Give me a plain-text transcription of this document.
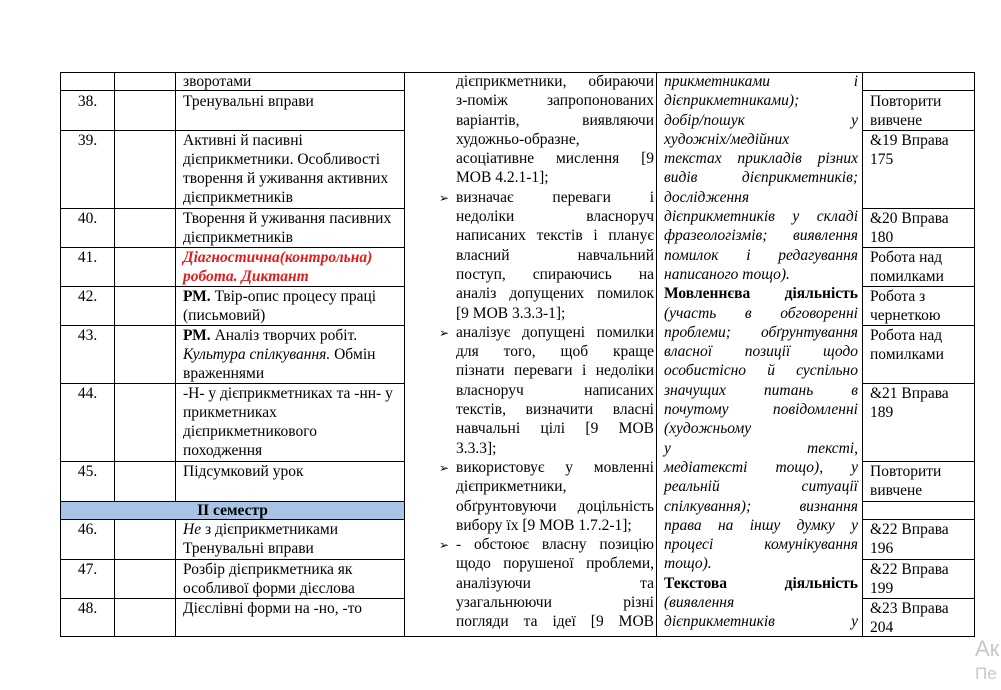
ІІ семестр
38.
39.
40.
41.
42.
43.
44.
45.
46.
47.
48.
зворотами
Тренувальні вправи
Активні й пасивні дієприкметники. Особливості творення й уживання активних дієприкметників
Творення й уживання пасивних дієприкметників
Діагностична(контрольна) робота. Диктант
РМ. Твір-опис процесу праці (письмовий)
РМ. Аналіз творчих робіт. Культура спілкування. Обмін враженнями
-Н- у дієприкметниках та -нн- у прикметниках дієприкметникового походження
Підсумковий урок
Не з дієприкметниками Тренувальні вправи
Розбір дієприкметника як особливої форми дієслова
Дієслівні форми на -но, -то
дієприкметники, обираючи
з-поміж запропонованих
варіантів, виявляючи
художньо-образне,
асоціативне мислення [9
МОВ 4.2.1-1];
➢ визначає переваги і
недоліки власноруч
написаних текстів і планує
власний навчальний
поступ, спираючись на
аналіз допущених помилок
[9 МОВ 3.3.3-1];
➢ аналізує допущені помилки
для того, щоб краще
пізнати переваги і недоліки
власноруч написаних
текстів, визначити власні
навчальні цілі [9 МОВ
3.3.3];
➢ використовує у мовленні
дієприкметники,
обґрунтовуючи доцільність
вибору їх [9 МОВ 1.7.2-1];
➢ - обстоює власну позицію
щодо порушеної проблеми,
аналізуючи та
узагальнюючи різні
погляди та ідеї [9 МОВ
прикметниками і
дієприкметниками);
добір/пошук у
художніх/медійних
текстах прикладів різних
видів дієприкметників;
дослідження
дієприкметників у складі
фразеологізмів; виявлення
помилок і редагування
написаного тощо).
Мовленнєва діяльність
(участь в обговоренні
проблеми; обґрунтування
власної позиції щодо
особистісно й суспільно
значущих питань в
почутому повідомленні
(художньому
у тексті,
медіатексті тощо), у
реальній ситуації
спілкування); визнання
права на іншу думку у
процесі комунікування
тощо).
Текстова діяльність
(виявлення
дієприкметників у
Повторити вивчене
&19 Вправа 175
&20 Вправа 180
Робота над помилками
Робота з чернеткою
Робота над помилками
&21 Вправа 189
Повторити вивчене
&22 Вправа 196
&22 Вправа 199
&23 Вправа 204
Ак
Пе
